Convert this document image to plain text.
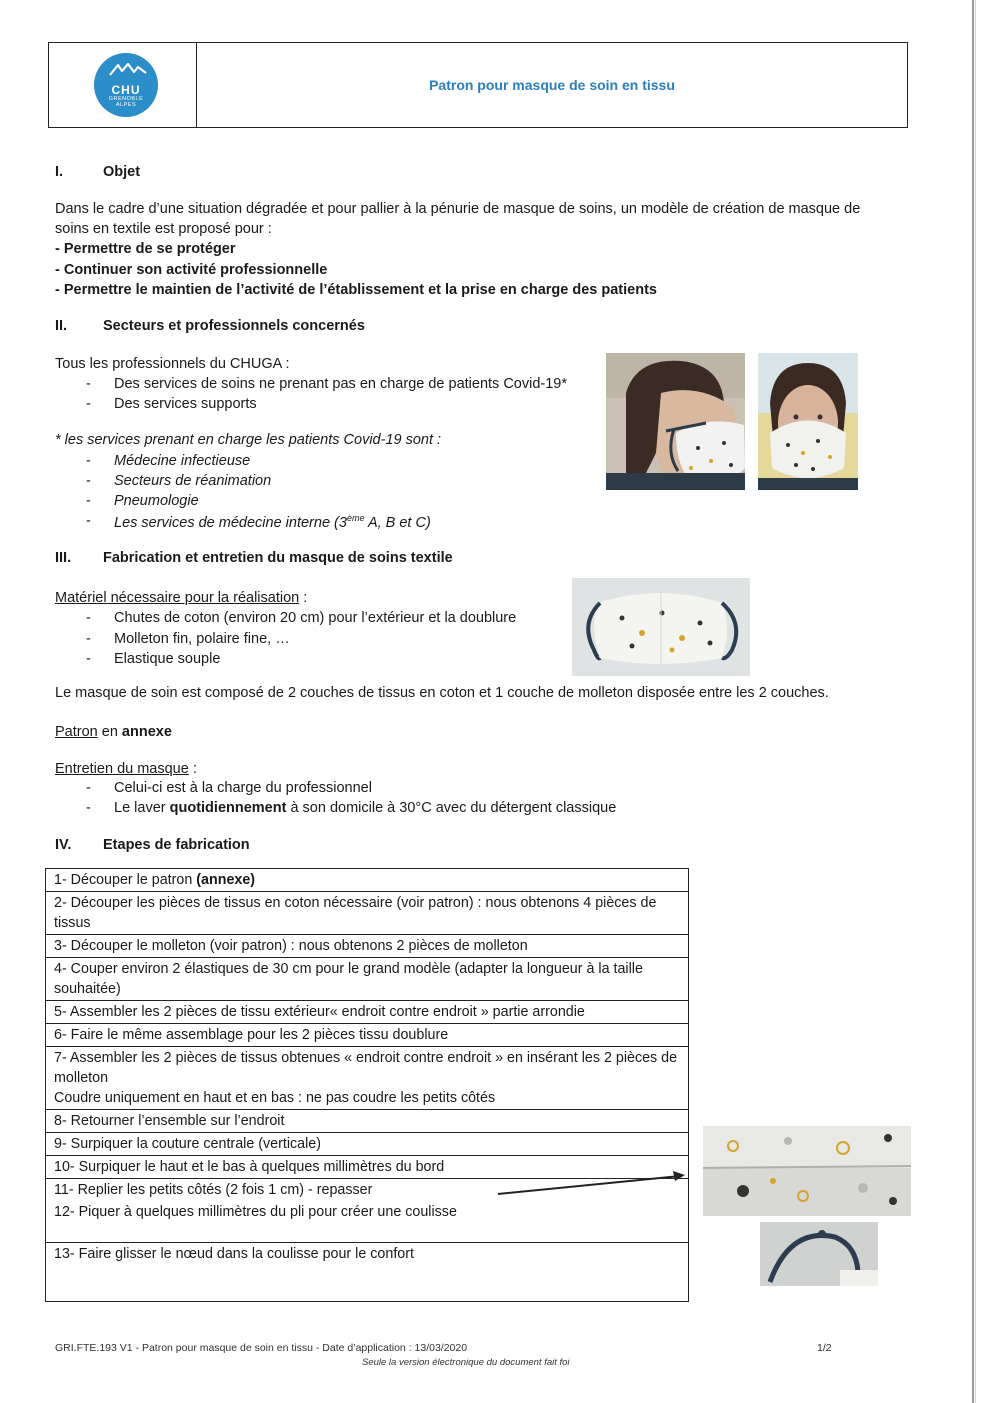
CHU
GRENOBLE
ALPES
Patron pour masque de soin en tissu
I.	Objet
Dans le cadre d’une situation dégradée et pour pallier à la pénurie de masque de soins, un modèle de création de masque de
soins en textile est proposé pour :
- Permettre de se protéger
- Continuer son activité professionnelle
- Permettre le maintien de l’activité de l’établissement et la prise en charge des patients
II. Secteurs et professionnels concernés
Tous les professionnels du CHUGA :
- Des services de soins ne prenant pas en charge de patients Covid-19*
- Des services supports
* les services prenant en charge les patients Covid-19 sont :
- Médecine infectieuse
- Secteurs de réanimation
- Pneumologie
- Les services de médecine interne (3ème A, B et C)
III. Fabrication et entretien du masque de soins textile
Matériel nécessaire pour la réalisation :
- Chutes de coton (environ 20 cm) pour l’extérieur et la doublure
- Molleton fin, polaire fine, …
- Elastique souple
Le masque de soin est composé de 2 couches de tissus en coton et 1 couche de molleton disposée entre les 2 couches.
Patron en annexe
Entretien du masque :
- Celui-ci est à la charge du professionnel
- Le laver quotidiennement à son domicile à 30°C avec du détergent classique
IV. Etapes de fabrication
1- Découper le patron (annexe)
2- Découper les pièces de tissus en coton nécessaire (voir patron) : nous obtenons 4 pièces de tissus
3- Découper le molleton (voir patron) : nous obtenons 2 pièces de molleton
4- Couper environ 2 élastiques de 30 cm pour le grand modèle (adapter la longueur à la taille souhaitée)
5- Assembler les 2 pièces de tissu extérieur« endroit contre endroit » partie arrondie
6- Faire le même assemblage pour les 2 pièces tissu doublure
7- Assembler les 2 pièces de tissus obtenues « endroit contre endroit » en insérant les 2 pièces de molleton
Coudre uniquement en haut et en bas : ne pas coudre les petits côtés
8- Retourner l’ensemble sur l’endroit
9- Surpiquer la couture centrale (verticale)
10- Surpiquer le haut et le bas à quelques millimètres du bord
11- Replier les petits côtés (2 fois 1 cm) - repasser
12- Piquer à quelques millimètres du pli pour créer une coulisse
13- Faire glisser le nœud dans la coulisse pour le confort
GRI.FTE.193 V1 - Patron pour masque de soin en tissu - Date d’application : 13/03/2020	1/2
Seule la version électronique du document fait foi
